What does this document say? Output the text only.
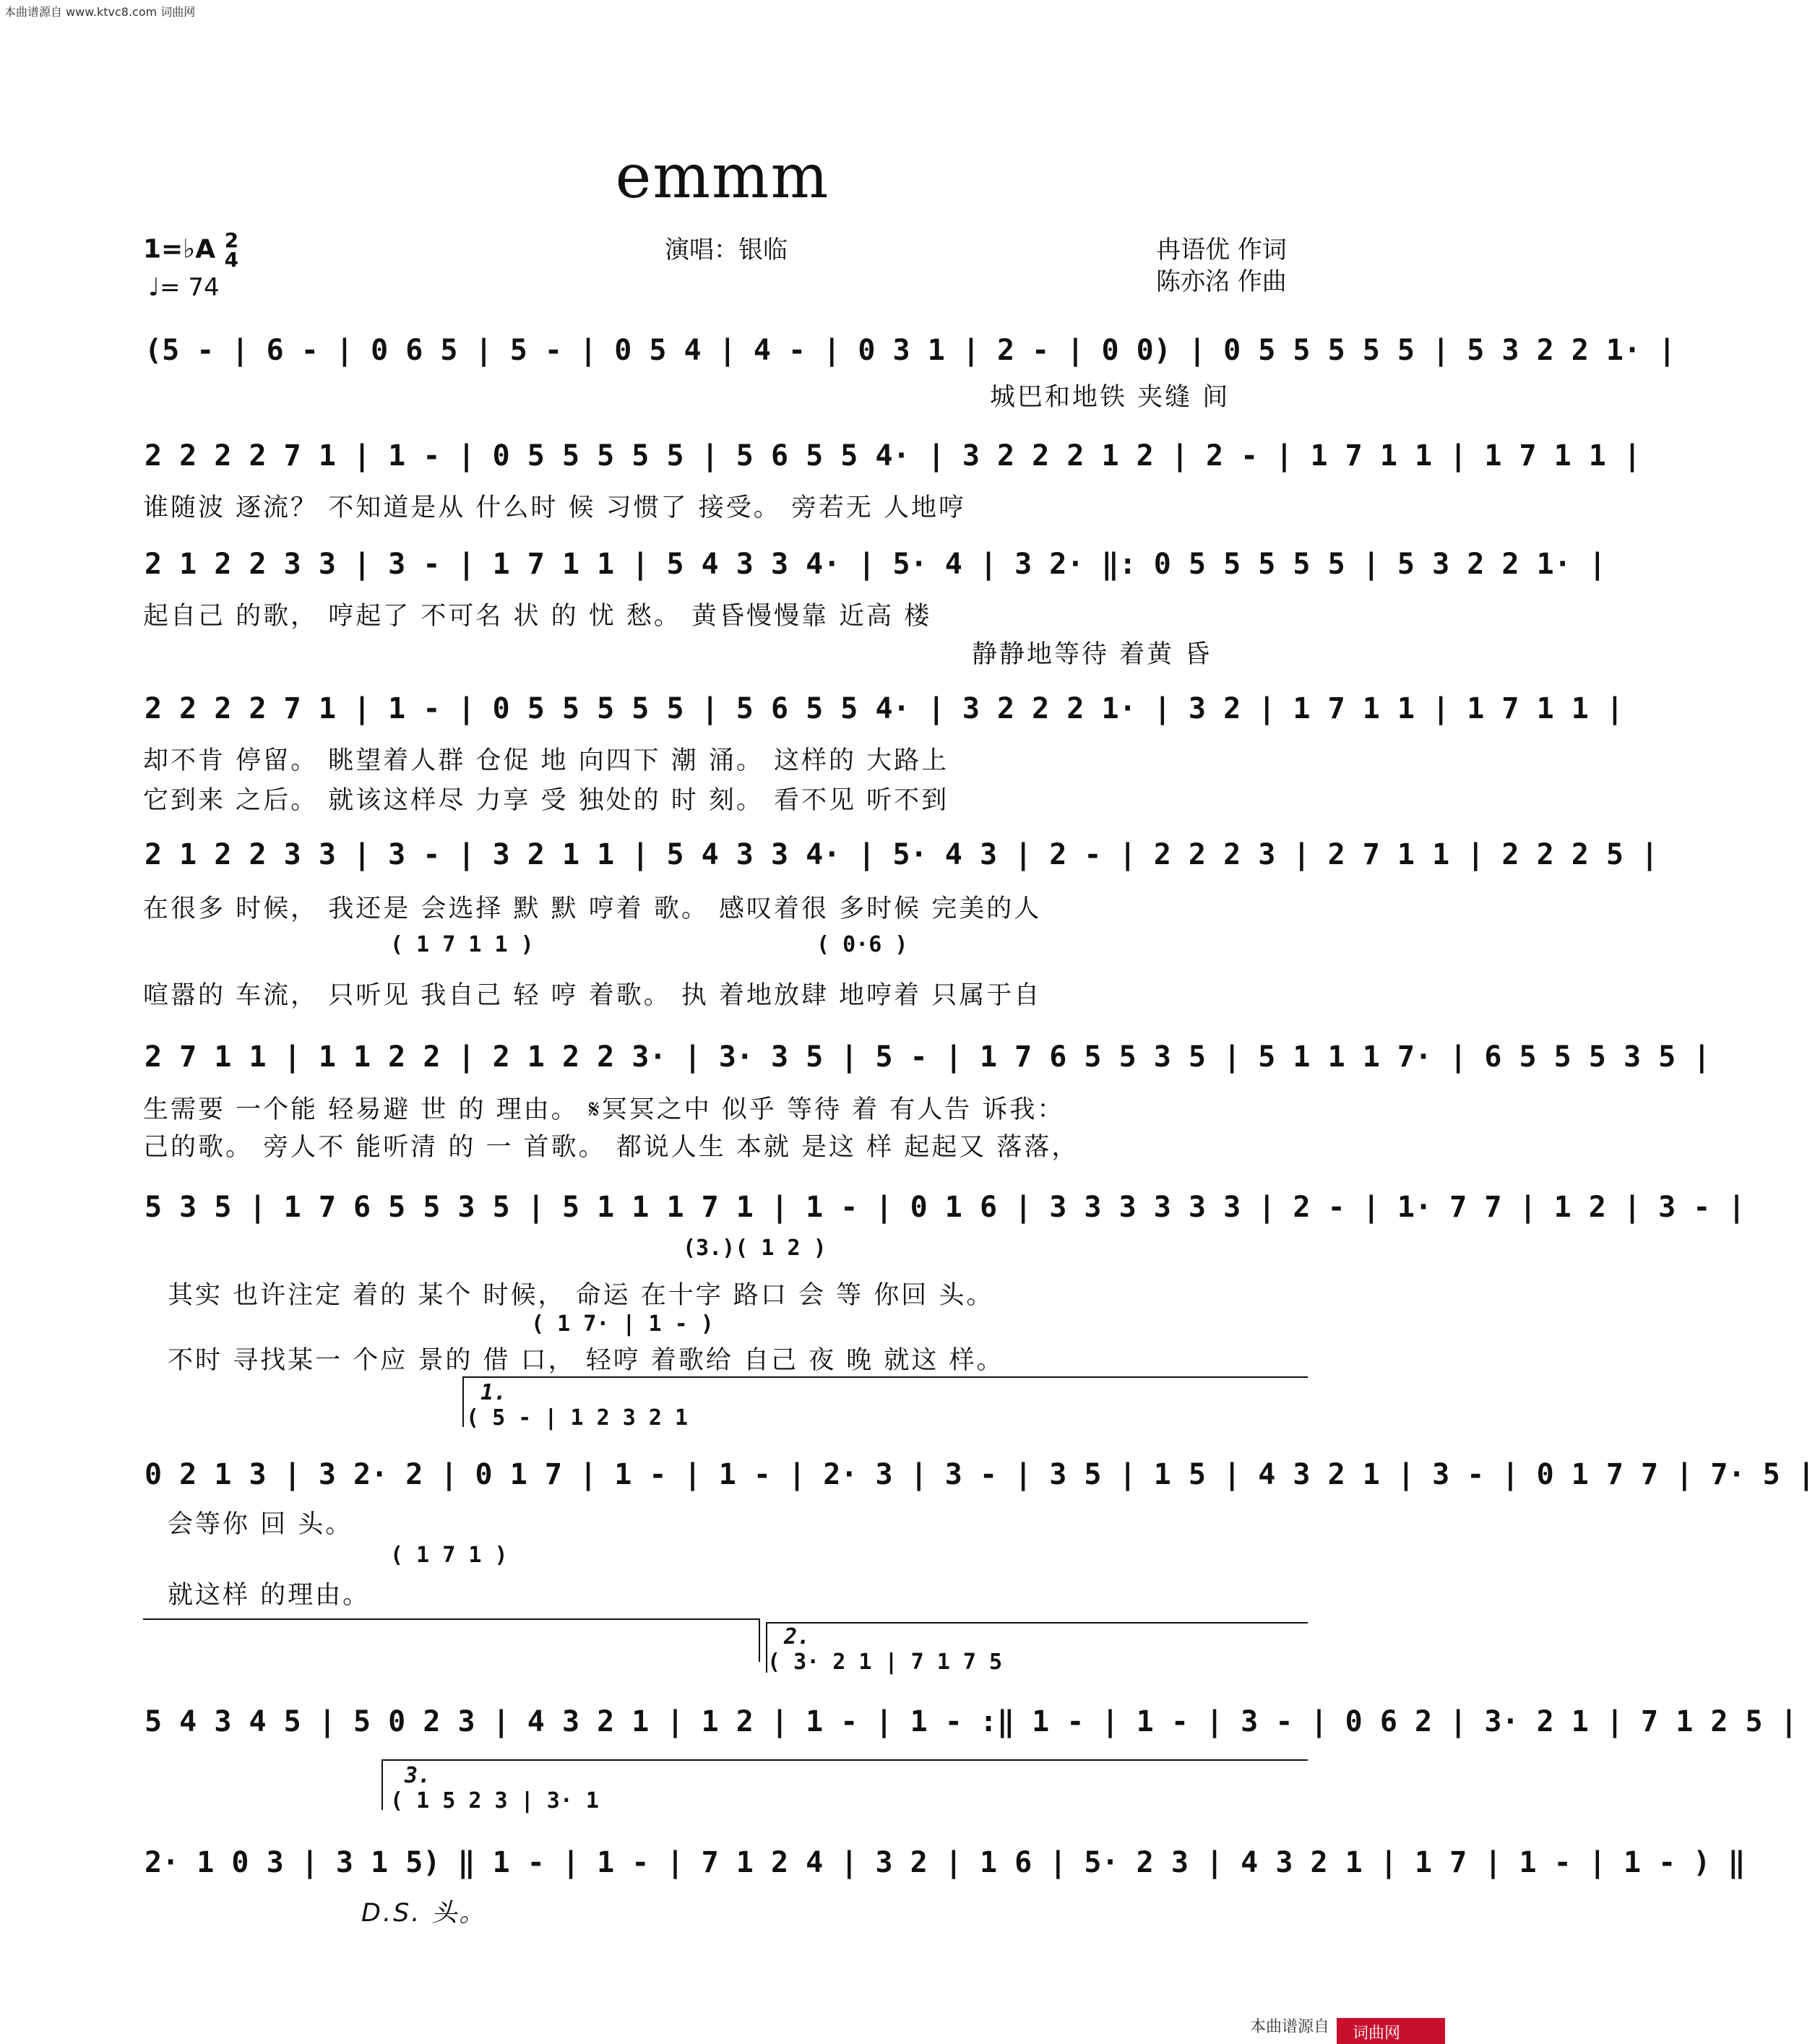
本曲谱源自 www.ktvc8.com 词曲网
emmm
1=♭A 2
4
♩= 74
演唱：银临	冉语优 作词
陈亦洺 作曲
(5 - | 6 - | 0 6 5 | 5 - | 0 5 4 | 4 - | 0 3 1 | 2 - | 0 0) | 0 5 5 5 5 5 | 5 3 2 2 1· |
城巴和地铁 夹缝 间
2 2 2 2 7 1 | 1 - | 0 5 5 5 5 5 | 5 6 5 5 4· | 3 2 2 2 1 2 | 2 - | 1 7 1 1 | 1 7 1 1 |
谁随波 逐流？ 不知道是从 什么时 候 习惯了 接受。 旁若无 人地哼
2 1 2 2 3 3 | 3 - | 1 7 1 1 | 5 4 3 3 4· | 5· 4 | 3 2· ‖: 0 5 5 5 5 5 | 5 3 2 2 1· |
起自己 的歌， 哼起了 不可名 状 的 忧 愁。 黄昏慢慢靠 近高 楼
静静地等待 着黄 昏
2 2 2 2 7 1 | 1 - | 0 5 5 5 5 5 | 5 6 5 5 4· | 3 2 2 2 1· | 3 2 | 1 7 1 1 | 1 7 1 1 |
却不肯 停留。 眺望着人群 仓促 地 向四下 潮 涌。 这样的 大路上
它到来 之后。 就该这样尽 力享 受 独处的 时 刻。 看不见 听不到
2 1 2 2 3 3 | 3 - | 3 2 1 1 | 5 4 3 3 4· | 5· 4 3 | 2 - | 2 2 2 3 | 2 7 1 1 | 2 2 2 5 |
在很多 时候， 我还是 会选择 默 默 哼着 歌。 感叹着很 多时候 完美的人
( 1 7 1 1 )	( 0·6 )
喧嚣的 车流， 只听见 我自己 轻 哼 着歌。 执 着地放肆 地哼着 只属于自
2 7 1 1 | 1 1 2 2 | 2 1 2 2 3· | 3· 3 5 | 5 - | 1 7 6 5 5 3 5 | 5 1 1 1 7· | 6 5 5 5 3 5 |
生需要 一个能 轻易避 世 的 理由。 𝄋冥冥之中 似乎 等待 着 有人告 诉我：
己的歌。 旁人不 能听清 的 一 首歌。 都说人生 本就 是这 样 起起又 落落，
5 3 5 | 1 7 6 5 5 3 5 | 5 1 1 1 7 1 | 1 - | 0 1 6 | 3 3 3 3 3 3 | 2 - | 1· 7 7 | 1 2 | 3 - |
(3.)( 1 2 )
其实 也许注定 着的 某个 时候， 命运 在十字 路口 会 等 你回 头。
( 1 7· | 1 - )
不时 寻找某一 个应 景的 借 口， 轻哼 着歌给 自己 夜 晚 就这 样。
1.
( 5 - | 1 2 3 2 1
0 2 1 3 | 3 2· 2 | 0 1 7 | 1 - | 1 - | 2· 3 | 3 - | 3 5 | 1 5 | 4 3 2 1 | 3 - | 0 1 7 7 | 7· 5 |
会等你 回 头。
( 1 7 1 )
就这样 的理由。
2.
( 3· 2 1 | 7 1 7 5
5 4 3 4 5 | 5 0 2 3 | 4 3 2 1 | 1 2 | 1 - | 1 - :‖ 1 - | 1 - | 3 - | 0 6 2 | 3· 2 1 | 7 1 2 5 |
3.
( 1 5 2 3 | 3· 1
2· 1 0 3 | 3 1 5) ‖ 1 - | 1 - | 7 1 2 4 | 3 2 | 1 6 | 5· 2 3 | 4 3 2 1 | 1 7 | 1 - | 1 - ) ‖
D.S. 头。
本曲谱源自 词曲网
